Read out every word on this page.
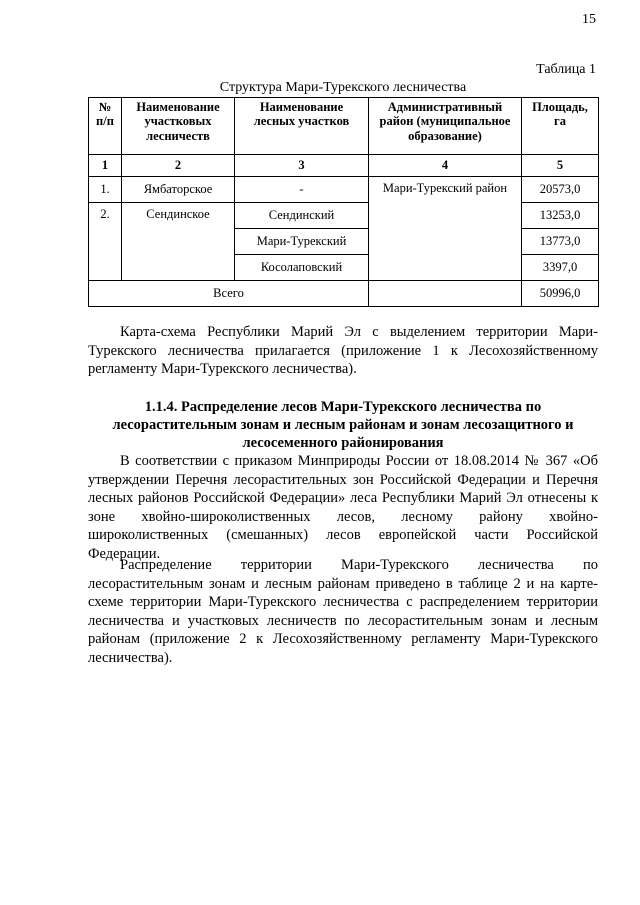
15
Таблица 1
Структура Мари-Турекского лесничества
№ п/п	Наименование участковых лесничеств	Наименование лесных участков	Административный район (муниципальное образование)	Площадь, га
1	2	3	4	5
1.	Ямбаторское	-	Мари-Турекский район	20573,0
2.	Сендинское	Сендинский		13253,0
		Мари-Турекский		13773,0
		Косолаповский		3397,0
Всего				50996,0
Карта-схема Республики Марий Эл с выделением территории Мари-Турекского лесничества прилагается (приложение 1 к Лесохозяйственному регламенту Мари-Турекского лесничества).
1.1.4. Распределение лесов Мари-Турекского лесничества по лесорастительным зонам и лесным районам и зонам лесозащитного и лесосеменного районирования
В соответствии с приказом Минприроды России от 18.08.2014 № 367 «Об утверждении Перечня лесорастительных зон Российской Федерации и Перечня лесных районов Российской Федерации» леса Республики Марий Эл отнесены к зоне хвойно-широколиственных лесов, лесному району хвойно-широколиственных (смешанных) лесов европейской части Российской Федерации.
Распределение территории Мари-Турекского лесничества по лесорастительным зонам и лесным районам приведено в таблице 2 и на карте-схеме территории Мари-Турекского лесничества с распределением территории лесничества и участковых лесничеств по лесорастительным зонам и лесным районам (приложение 2 к Лесохозяйственному регламенту Мари-Турекского лесничества).
